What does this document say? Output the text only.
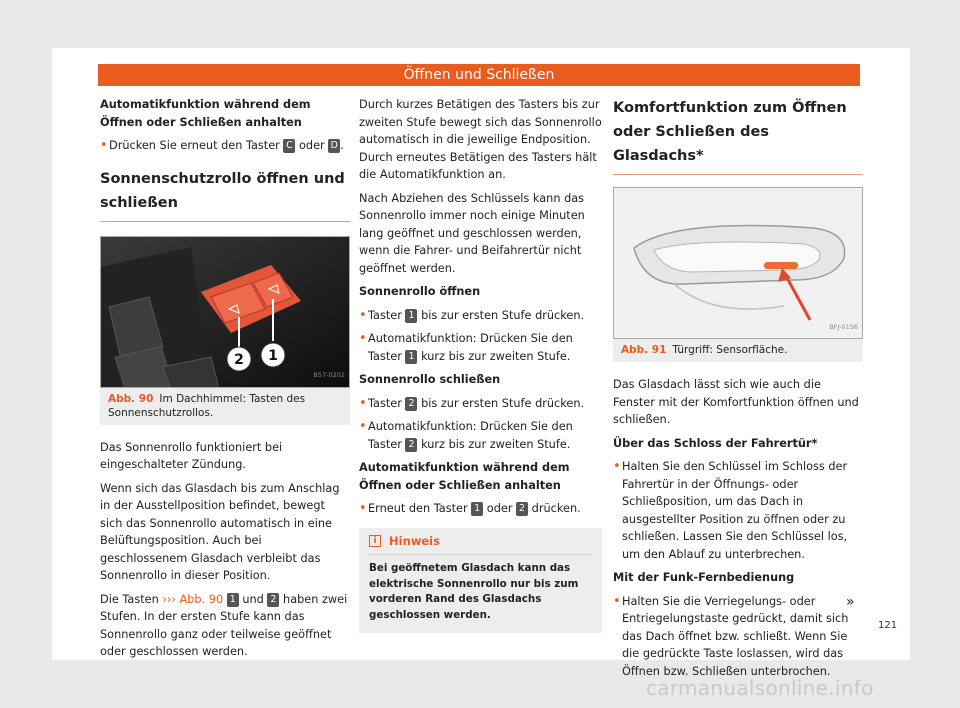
Öffnen und Schließen

Automatikfunktion während dem Öffnen oder Schließen anhalten

• Drücken Sie erneut den Taster C oder D .
Sonnenschutzrollo öffnen und schließen
2 1
B57-0202
Abb. 90 Im Dachhimmel: Tasten des Sonnenschutzrollos.

Das Sonnenrollo funktioniert bei eingeschalteter Zündung.

Wenn sich das Glasdach bis zum Anschlag in der Ausstellposition befindet, bewegt sich das Sonnenrollo automatisch in eine Belüftungsposition. Auch bei geschlossenem Glasdach verbleibt das Sonnenrollo in dieser Position.

Die Tasten ››› Abb. 90 1 und 2 haben zwei Stufen. In der ersten Stufe kann das Sonnenrollo ganz oder teilweise geöffnet oder geschlossen werden.

Durch kurzes Betätigen des Tasters bis zur zweiten Stufe bewegt sich das Sonnenrollo automatisch in die jeweilige Endposition. Durch erneutes Betätigen des Tasters hält die Automatikfunktion an.

Nach Abziehen des Schlüssels kann das Sonnenrollo immer noch einige Minuten lang geöffnet und geschlossen werden, wenn die Fahrer- und Beifahrertür nicht geöffnet werden.

Sonnenrollo öffnen

• Taster 1 bis zur ersten Stufe drücken.
• Automatikfunktion: Drücken Sie den Taster 1 kurz bis zur zweiten Stufe.

Sonnenrollo schließen

• Taster 2 bis zur ersten Stufe drücken.
• Automatikfunktion: Drücken Sie den Taster 2 kurz bis zur zweiten Stufe.

Automatikfunktion während dem Öffnen oder Schließen anhalten

• Erneut den Taster 1 oder 2 drücken.
i	Hinweis
Bei geöffnetem Glasdach kann das elektrische Sonnenrollo nur bis zum vorderen Rand des Glasdachs geschlossen werden.
Komfortfunktion zum Öffnen oder Schließen des Glasdachs*
BFJ-0156
Abb. 91 Türgriff: Sensorfläche.

Das Glasdach lässt sich wie auch die Fenster mit der Komfortfunktion öffnen und schließen.

Über das Schloss der Fahrertür*

• Halten Sie den Schlüssel im Schloss der Fahrertür in der Öffnungs- oder Schließposition, um das Dach in ausgestellter Position zu öffnen oder zu schließen. Lassen Sie den Schlüssel los, um den Ablauf zu unterbrechen.

Mit der Funk-Fernbedienung

• Halten Sie die Verriegelungs- oder Entriegelungstaste gedrückt, damit sich das Dach öffnet bzw. schließt. Wenn Sie die gedrückte Taste loslassen, wird das Öffnen bzw. Schließen unterbrochen.
»
121
carmanualsonline.info
